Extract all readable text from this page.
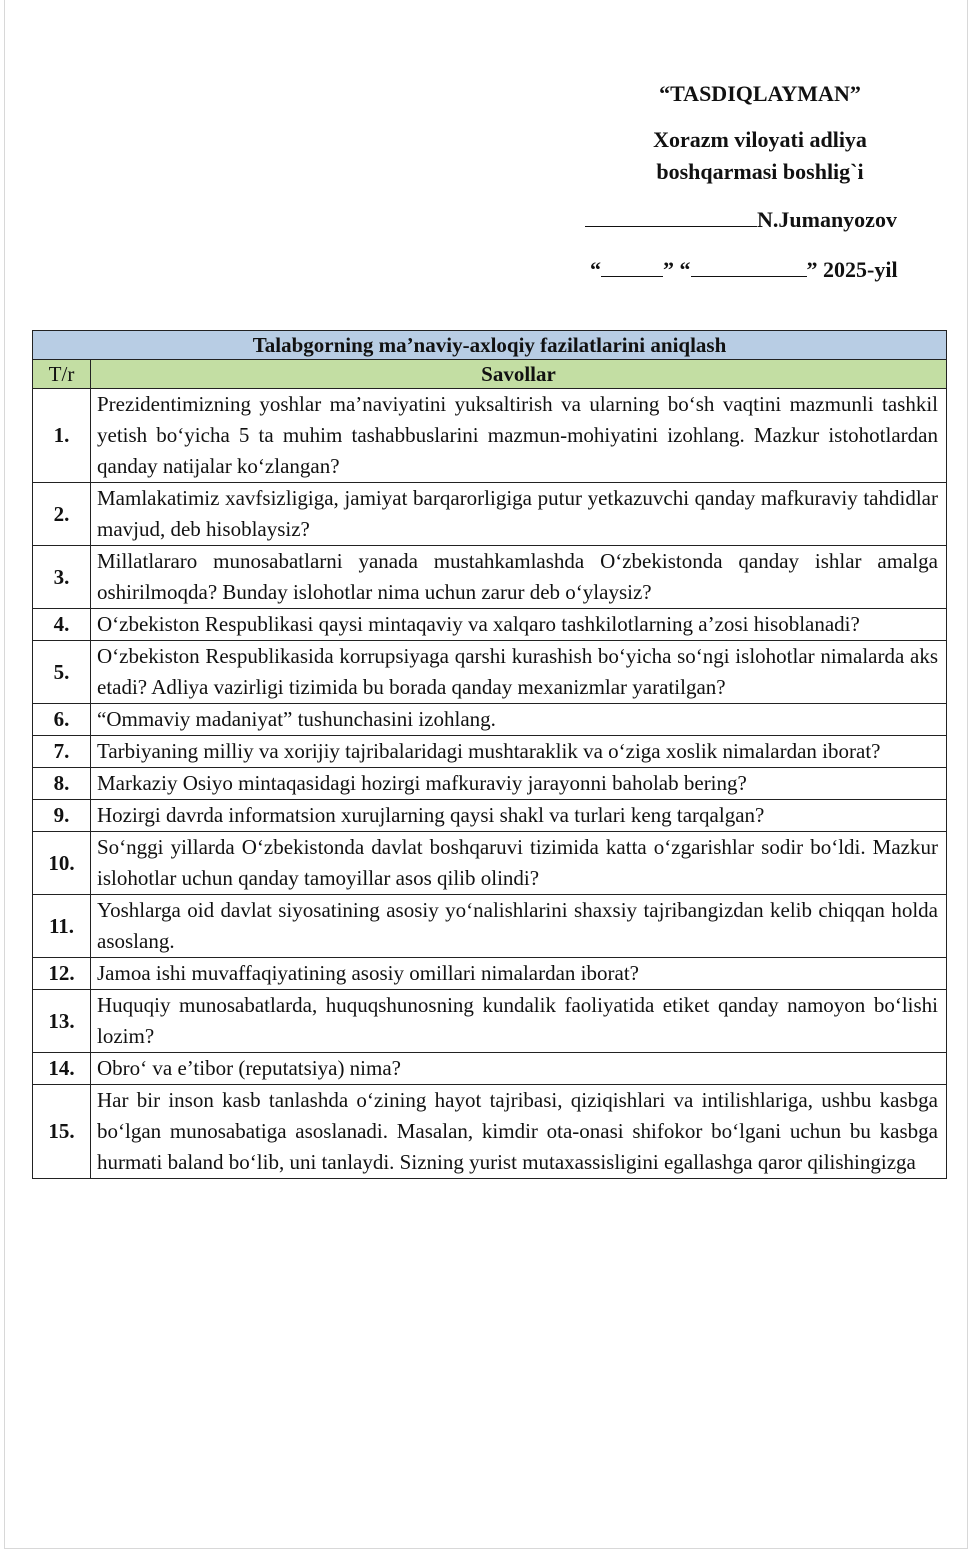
“TASDIQLAYMAN”
Xorazm viloyati adliya
boshqarmasi boshlig`i
N.Jumanyozov
“	” “	” 2025-yil
Talabgorning ma’naviy-axloqiy fazilatlarini aniqlash	
T/r	Savollar
1.	Prezidentimizning yoshlar ma’naviyatini yuksaltirish va ularning bo‘sh vaqtini mazmunli tashkil yetish bo‘yicha 5 ta muhim tashabbuslarini mazmun-mohiyatini izohlang. Mazkur istohotlardan qanday natijalar ko‘zlangan?
2.	Mamlakatimiz xavfsizligiga, jamiyat barqarorligiga putur yetkazuvchi qanday mafkuraviy tahdidlar mavjud, deb hisoblaysiz?
3.	Millatlararo munosabatlarni yanada mustahkamlashda O‘zbekistonda qanday ishlar amalga oshirilmoqda? Bunday islohotlar nima uchun zarur deb o‘ylaysiz?
4.	O‘zbekiston Respublikasi qaysi mintaqaviy va xalqaro tashkilotlarning a’zosi hisoblanadi?
5.	O‘zbekiston Respublikasida korrupsiyaga qarshi kurashish bo‘yicha so‘ngi islohotlar nimalarda aks etadi? Adliya vazirligi tizimida bu borada qanday mexanizmlar yaratilgan?
6.	“Ommaviy madaniyat” tushunchasini izohlang.
7.	Tarbiyaning milliy va xorijiy tajribalaridagi mushtaraklik va o‘ziga xoslik nimalardan iborat?
8.	Markaziy Osiyo mintaqasidagi hozirgi mafkuraviy jarayonni baholab bering?
9.	Hozirgi davrda informatsion xurujlarning qaysi shakl va turlari keng tarqalgan?
10.	So‘nggi yillarda O‘zbekistonda davlat boshqaruvi tizimida katta o‘zgarishlar sodir bo‘ldi. Mazkur islohotlar uchun qanday tamoyillar asos qilib olindi?
11.	Yoshlarga oid davlat siyosatining asosiy yo‘nalishlarini shaxsiy tajribangizdan kelib chiqqan holda asoslang.
12.	Jamoa ishi muvaffaqiyatining asosiy omillari nimalardan iborat?
13.	Huquqiy munosabatlarda, huquqshunosning kundalik faoliyatida etiket qanday namoyon bo‘lishi lozim?
14.	Obro‘ va e’tibor (reputatsiya) nima?
15.	Har bir inson kasb tanlashda o‘zining hayot tajribasi, qiziqishlari va intilishlariga, ushbu kasbga bo‘lgan munosabatiga asoslanadi. Masalan, kimdir ota-onasi shifokor bo‘lgani uchun bu kasbga hurmati baland bo‘lib, uni tanlaydi. Sizning yurist mutaxassisligini egallashga qaror qilishingizga
